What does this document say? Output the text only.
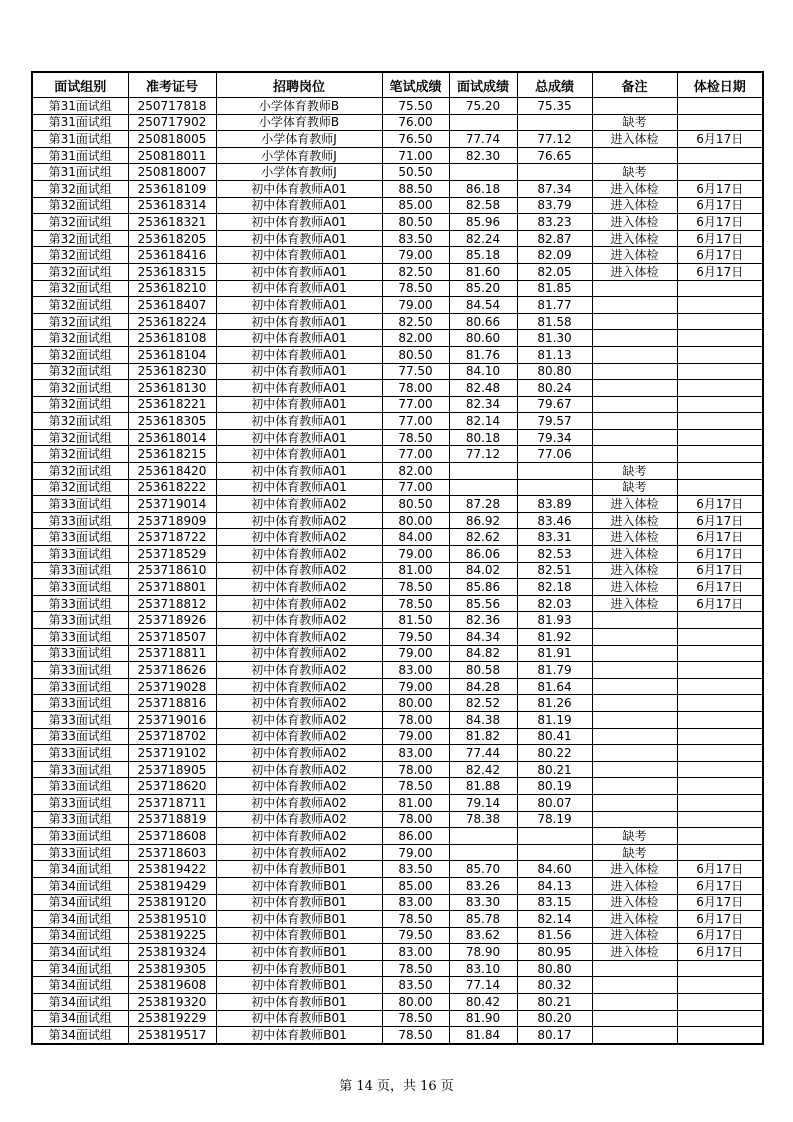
面试组别	准考证号	招聘岗位	笔试成绩	面试成绩	总成绩	备注	体检日期
第31面试组	250717818	小学体育教师B	75.50	75.20	75.35		
第31面试组	250717902	小学体育教师B	76.00			缺考	
第31面试组	250818005	小学体育教师J	76.50	77.74	77.12	进入体检	6月17日
第31面试组	250818011	小学体育教师J	71.00	82.30	76.65		
第31面试组	250818007	小学体育教师J	50.50			缺考	
第32面试组	253618109	初中体育教师A01	88.50	86.18	87.34	进入体检	6月17日
第32面试组	253618314	初中体育教师A01	85.00	82.58	83.79	进入体检	6月17日
第32面试组	253618321	初中体育教师A01	80.50	85.96	83.23	进入体检	6月17日
第32面试组	253618205	初中体育教师A01	83.50	82.24	82.87	进入体检	6月17日
第32面试组	253618416	初中体育教师A01	79.00	85.18	82.09	进入体检	6月17日
第32面试组	253618315	初中体育教师A01	82.50	81.60	82.05	进入体检	6月17日
第32面试组	253618210	初中体育教师A01	78.50	85.20	81.85		
第32面试组	253618407	初中体育教师A01	79.00	84.54	81.77		
第32面试组	253618224	初中体育教师A01	82.50	80.66	81.58		
第32面试组	253618108	初中体育教师A01	82.00	80.60	81.30		
第32面试组	253618104	初中体育教师A01	80.50	81.76	81.13		
第32面试组	253618230	初中体育教师A01	77.50	84.10	80.80		
第32面试组	253618130	初中体育教师A01	78.00	82.48	80.24		
第32面试组	253618221	初中体育教师A01	77.00	82.34	79.67		
第32面试组	253618305	初中体育教师A01	77.00	82.14	79.57		
第32面试组	253618014	初中体育教师A01	78.50	80.18	79.34		
第32面试组	253618215	初中体育教师A01	77.00	77.12	77.06		
第32面试组	253618420	初中体育教师A01	82.00			缺考	
第32面试组	253618222	初中体育教师A01	77.00			缺考	
第33面试组	253719014	初中体育教师A02	80.50	87.28	83.89	进入体检	6月17日
第33面试组	253718909	初中体育教师A02	80.00	86.92	83.46	进入体检	6月17日
第33面试组	253718722	初中体育教师A02	84.00	82.62	83.31	进入体检	6月17日
第33面试组	253718529	初中体育教师A02	79.00	86.06	82.53	进入体检	6月17日
第33面试组	253718610	初中体育教师A02	81.00	84.02	82.51	进入体检	6月17日
第33面试组	253718801	初中体育教师A02	78.50	85.86	82.18	进入体检	6月17日
第33面试组	253718812	初中体育教师A02	78.50	85.56	82.03	进入体检	6月17日
第33面试组	253718926	初中体育教师A02	81.50	82.36	81.93		
第33面试组	253718507	初中体育教师A02	79.50	84.34	81.92		
第33面试组	253718811	初中体育教师A02	79.00	84.82	81.91		
第33面试组	253718626	初中体育教师A02	83.00	80.58	81.79		
第33面试组	253719028	初中体育教师A02	79.00	84.28	81.64		
第33面试组	253718816	初中体育教师A02	80.00	82.52	81.26		
第33面试组	253719016	初中体育教师A02	78.00	84.38	81.19		
第33面试组	253718702	初中体育教师A02	79.00	81.82	80.41		
第33面试组	253719102	初中体育教师A02	83.00	77.44	80.22		
第33面试组	253718905	初中体育教师A02	78.00	82.42	80.21		
第33面试组	253718620	初中体育教师A02	78.50	81.88	80.19		
第33面试组	253718711	初中体育教师A02	81.00	79.14	80.07		
第33面试组	253718819	初中体育教师A02	78.00	78.38	78.19		
第33面试组	253718608	初中体育教师A02	86.00			缺考	
第33面试组	253718603	初中体育教师A02	79.00			缺考	
第34面试组	253819422	初中体育教师B01	83.50	85.70	84.60	进入体检	6月17日
第34面试组	253819429	初中体育教师B01	85.00	83.26	84.13	进入体检	6月17日
第34面试组	253819120	初中体育教师B01	83.00	83.30	83.15	进入体检	6月17日
第34面试组	253819510	初中体育教师B01	78.50	85.78	82.14	进入体检	6月17日
第34面试组	253819225	初中体育教师B01	79.50	83.62	81.56	进入体检	6月17日
第34面试组	253819324	初中体育教师B01	83.00	78.90	80.95	进入体检	6月17日
第34面试组	253819305	初中体育教师B01	78.50	83.10	80.80		
第34面试组	253819608	初中体育教师B01	83.50	77.14	80.32		
第34面试组	253819320	初中体育教师B01	80.00	80.42	80.21		
第34面试组	253819229	初中体育教师B01	78.50	81.90	80.20		
第34面试组	253819517	初中体育教师B01	78.50	81.84	80.17		
第 14 页，共 16 页
